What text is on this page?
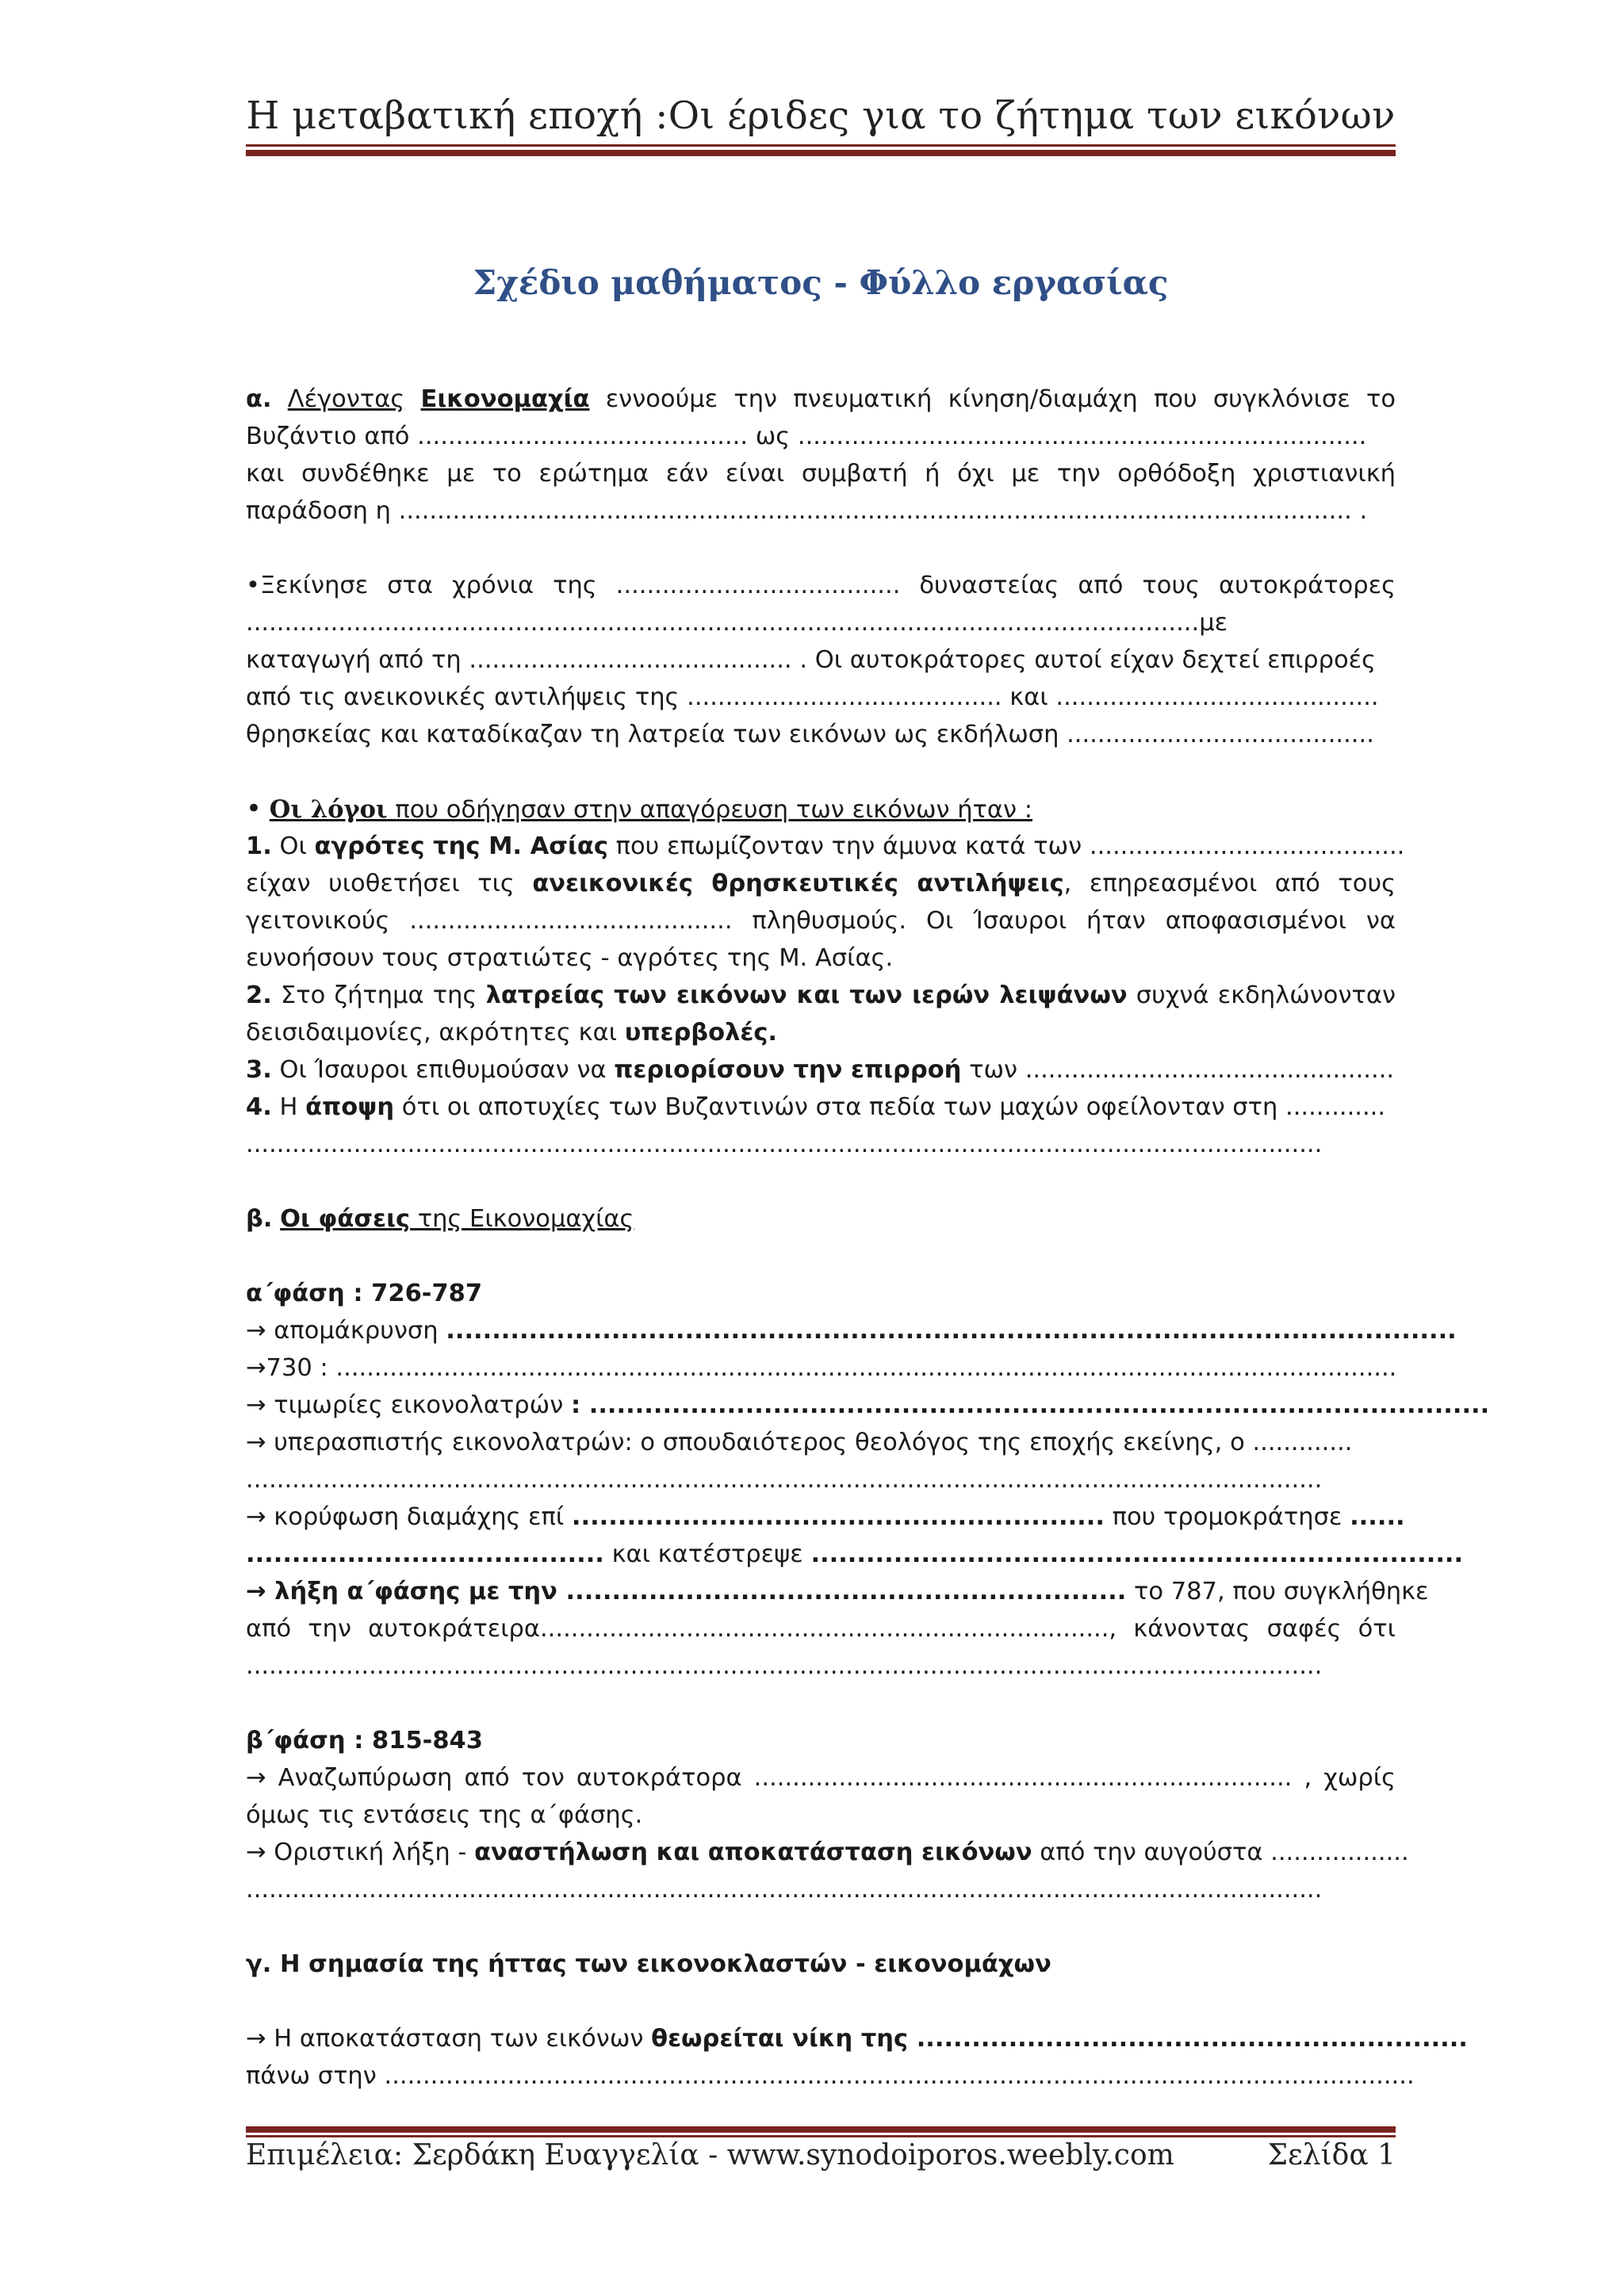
Η μεταβατική εποχή :Οι έριδες για το ζήτημα των εικόνων
Σχέδιο μαθήματος - Φύλλο εργασίας
α. Λέγοντας Εικονομαχία εννοούμε την πνευματική κίνηση/διαμάχη που συγκλόνισε το
Βυζάντιο από ........................................... ως ..........................................................................
και συνδέθηκε με το ερώτημα εάν είναι συμβατή ή όχι με την ορθόδοξη χριστιανική
παράδοση η ............................................................................................................................ .
•Ξεκίνησε στα χρόνια της ..................................... δυναστείας από τους αυτοκράτορες
............................................................................................................................με
καταγωγή από τη .......................................... . Οι αυτοκράτορες αυτοί είχαν δεχτεί επιρροές
από τις ανεικονικές αντιλήψεις της ......................................... και ..........................................
θρησκείας και καταδίκαζαν τη λατρεία των εικόνων ως εκδήλωση ........................................
• Οι λόγοι που οδήγησαν στην απαγόρευση των εικόνων ήταν :
1. Οι αγρότες της Μ. Ασίας που επωμίζονταν την άμυνα κατά των .........................................
είχαν υιοθετήσει τις ανεικονικές θρησκευτικές αντιλήψεις, επηρεασμένοι από τους
γειτονικούς .......................................... πληθυσμούς. Οι Ίσαυροι ήταν αποφασισμένοι να
ευνοήσουν τους στρατιώτες - αγρότες της Μ. Ασίας.
2. Στο ζήτημα της λατρείας των εικόνων και των ιερών λειψάνων συχνά εκδηλώνονταν
δεισιδαιμονίες, ακρότητες και υπερβολές.
3. Οι Ίσαυροι επιθυμούσαν να περιορίσουν την επιρροή των ................................................
4. Η άποψη ότι οι αποτυχίες των Βυζαντινών στα πεδία των μαχών οφείλονταν στη .............
............................................................................................................................................
β. Οι φάσεις της Εικονομαχίας
α΄φάση : 726-787
→ απομάκρυνση ..............................................................................................................
→730 : ..........................................................................................................................................
→ τιμωρίες εικονολατρών : ..................................................................................................
→ υπερασπιστής εικονολατρών: ο σπουδαιότερος θεολόγος της εποχής εκείνης, ο .............
............................................................................................................................................
→ κορύφωση διαμάχης επί .......................................................... που τρομοκράτησε ......
....................................... και κατέστρεψε .......................................................................
→ λήξη α΄φάσης με την ............................................................. το 787, που συγκλήθηκε
από την αυτοκράτειρα.........................................................................., κάνοντας σαφές ότι
............................................................................................................................................
β΄φάση : 815-843
→ Αναζωπύρωση από τον αυτοκράτορα ...................................................................... , χωρίς
όμως τις εντάσεις της α΄φάσης.
→ Οριστική λήξη - αναστήλωση και αποκατάσταση εικόνων από την αυγούστα ..................
............................................................................................................................................
γ. Η σημασία της ήττας των εικονοκλαστών - εικονομάχων
→ Η αποκατάσταση των εικόνων θεωρείται νίκη της ............................................................
πάνω στην ......................................................................................................................................
Επιμέλεια: Σερδάκη Ευαγγελία - www.synodoiporos.weebly.com	Σελίδα 1
